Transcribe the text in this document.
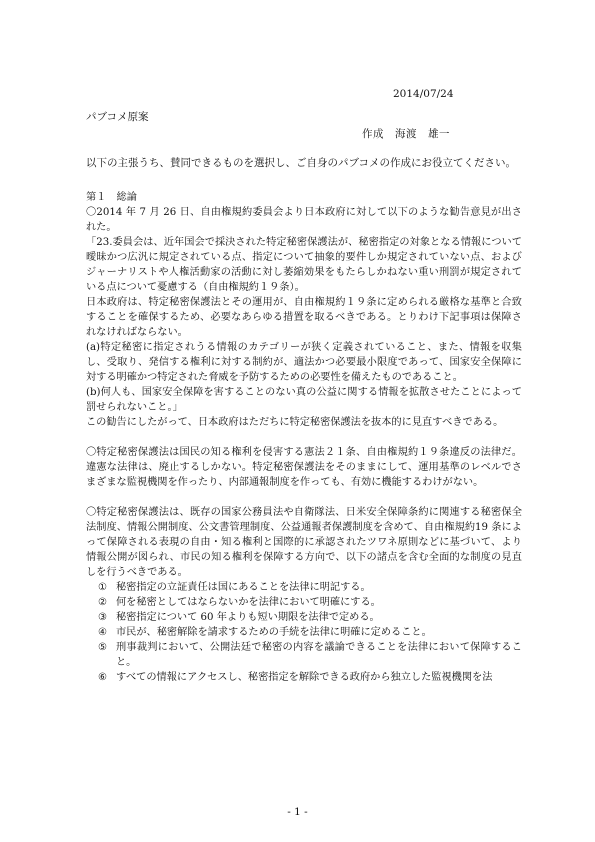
2014/07/24
パブコメ原案
作成　海渡　雄一
以下の主張うち、賛同できるものを選択し、ご自身のパブコメの作成にお役立てください。

第１　総論

〇2014 年 7 月 26 日、自由権規約委員会より日本政府に対して以下のような勧告意見が出された。

「23.委員会は、近年国会で採決された特定秘密保護法が、秘密指定の対象となる情報について曖昧かつ広汎に規定されている点、指定について抽象的要件しか規定されていない点、およびジャーナリストや人権活動家の活動に対し萎縮効果をもたらしかねない重い刑罰が規定されている点について憂慮する（自由権規約１９条）。

日本政府は、特定秘密保護法とその運用が、自由権規約１９条に定められる厳格な基準と合致することを確保するため、必要なあらゆる措置を取るべきである。とりわけ下記事項は保障されなければならない。

(a)特定秘密に指定されうる情報のカテゴリーが狭く定義されていること、また、情報を収集し、受取り、発信する権利に対する制約が、適法かつ必要最小限度であって、国家安全保障に対する明確かつ特定された脅威を予防するための必要性を備えたものであること。

(b)何人も、国家安全保障を害することのない真の公益に関する情報を拡散させたことによって罰せられないこと。」

この勧告にしたがって、日本政府はただちに特定秘密保護法を抜本的に見直すべきである。

〇特定秘密保護法は国民の知る権利を侵害する憲法２１条、自由権規約１９条違反の法律だ。違憲な法律は、廃止するしかない。特定秘密保護法をそのままにして、運用基準のレベルでさまざまな監視機関を作ったり、内部通報制度を作っても、有効に機能するわけがない。

〇特定秘密保護法は、既存の国家公務員法や自衛隊法、日米安全保障条約に関連する秘密保全法制度、情報公開制度、公文書管理制度、公益通報者保護制度を含めて、自由権規約19 条によって保障される表現の自由・知る権利と国際的に承認されたツワネ原則などに基づいて、より情報公開が図られ、市民の知る権利を保障する方向で、以下の諸点を含む全面的な制度の見直しを行うべきである。

① 秘密指定の立証責任は国にあることを法律に明記する。
② 何を秘密としてはならないかを法律において明確にする。
③ 秘密指定について 60 年よりも短い期限を法律で定める。
④ 市民が、秘密解除を請求するための手続を法律に明確に定めること。
⑤ 刑事裁判において、公開法廷で秘密の内容を議論できることを法律において保障すること。
⑥ すべての情報にアクセスし、秘密指定を解除できる政府から独立した監視機関を法
- 1 -
